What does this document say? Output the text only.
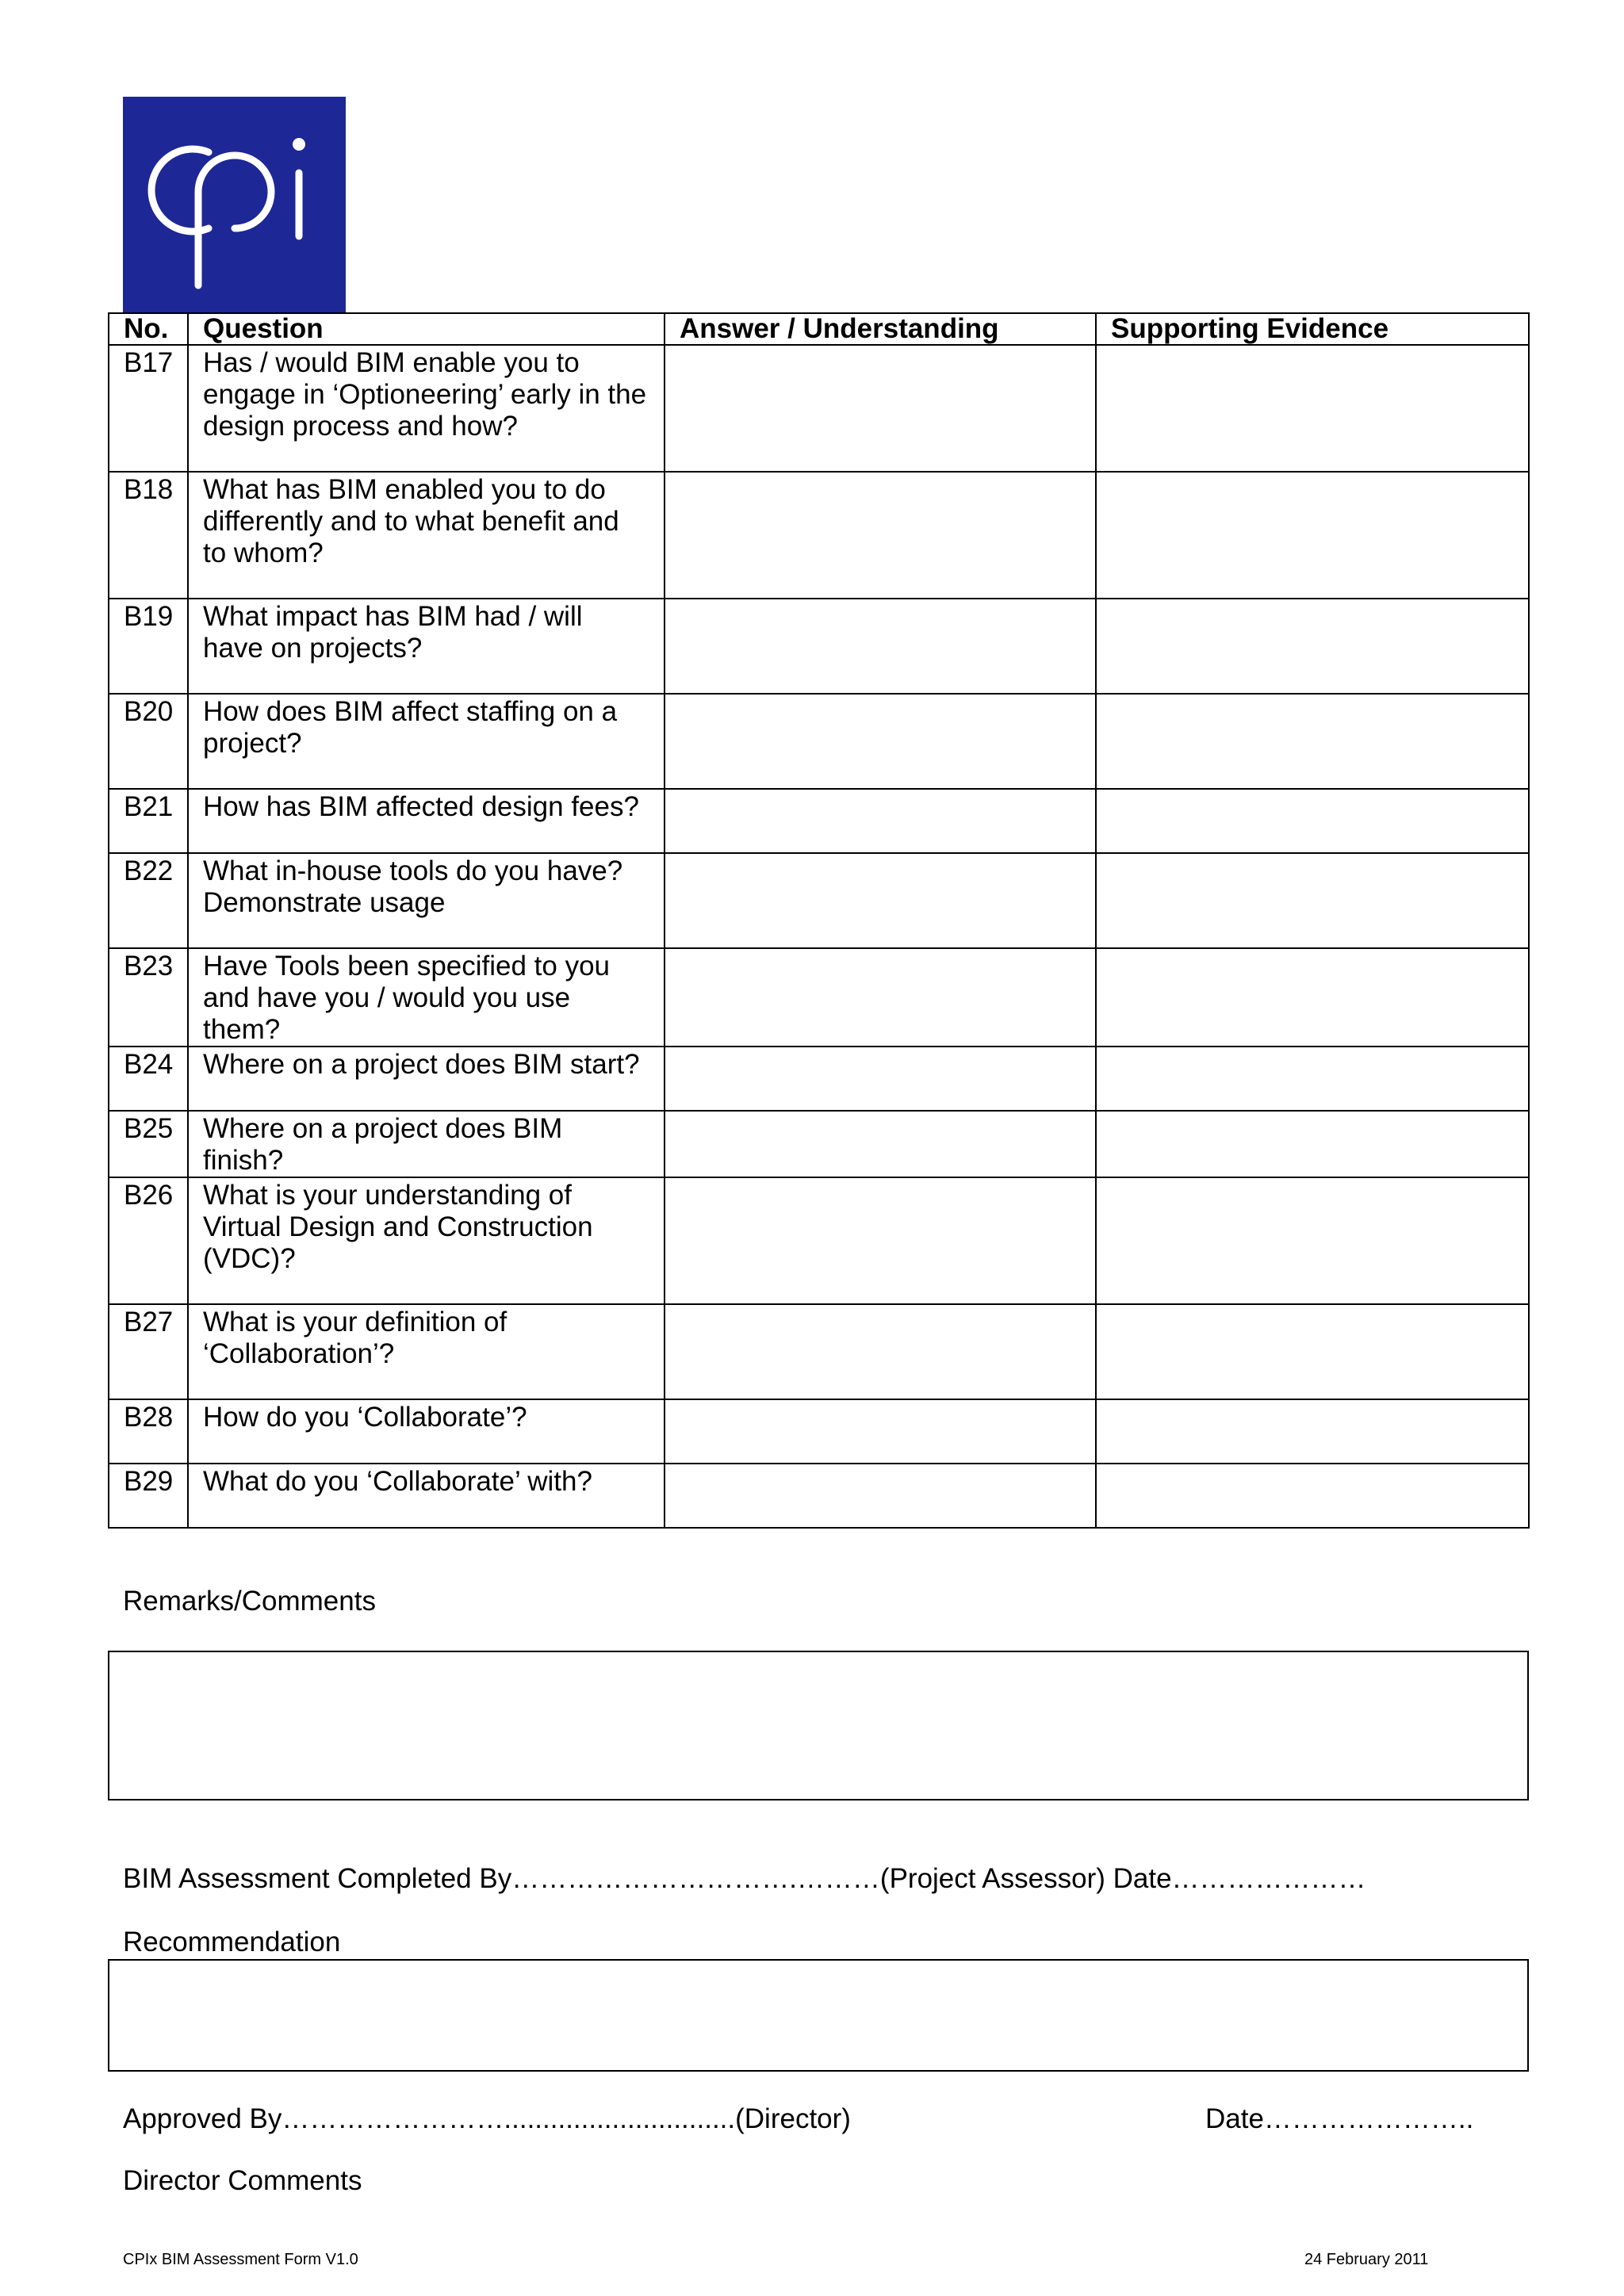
No.	Question	Answer / Understanding	Supporting Evidence
B17	Has / would BIM enable you to engage in ‘Optioneering’ early in the design process and how?		
B18	What has BIM enabled you to do differently and to what benefit and to whom?		
B19	What impact has BIM had / will have on projects?		
B20	How does BIM affect staffing on a project?		
B21	How has BIM affected design fees?		
B22	What in-house tools do you have? Demonstrate usage		
B23	Have Tools been specified to you and have you / would you use them?		
B24	Where on a project does BIM start?		
B25	Where on a project does BIM finish?		
B26	What is your understanding of Virtual Design and Construction (VDC)?		
B27	What is your definition of ‘Collaboration’?		
B28	How do you ‘Collaborate’?		
B29	What do you ‘Collaborate’ with?		
Remarks/Comments
BIM Assessment Completed By………………………….………(Project Assessor) Date…………………
Recommendation
Approved By……………………..............................(Director)	Date…………………..
Director Comments
CPIx BIM Assessment Form V1.0	24 February 2011
